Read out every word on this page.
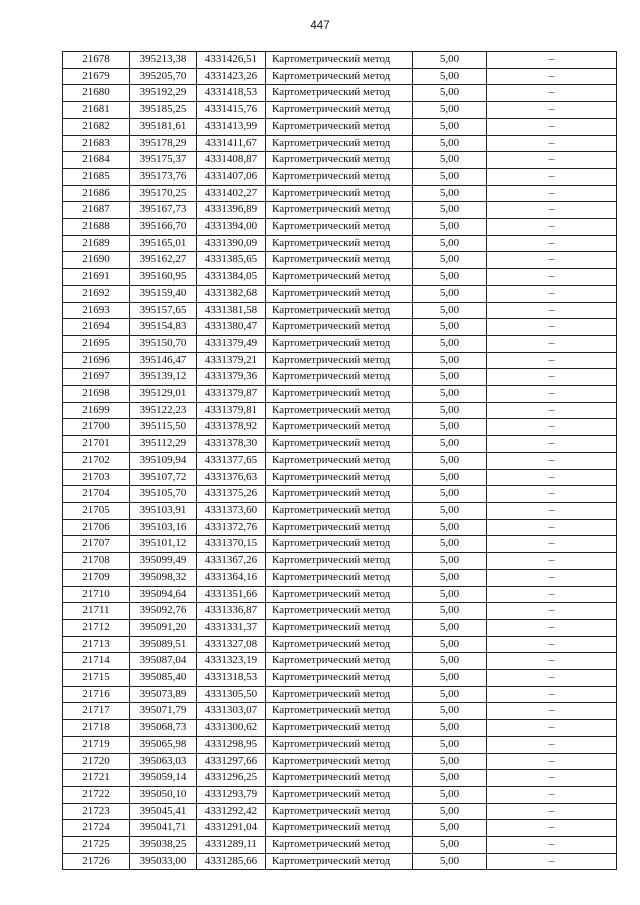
447
21678	395213,38	4331426,51	Картометрический метод	5,00	–
21679	395205,70	4331423,26	Картометрический метод	5,00	–
21680	395192,29	4331418,53	Картометрический метод	5,00	–
21681	395185,25	4331415,76	Картометрический метод	5,00	–
21682	395181,61	4331413,99	Картометрический метод	5,00	–
21683	395178,29	4331411,67	Картометрический метод	5,00	–
21684	395175,37	4331408,87	Картометрический метод	5,00	–
21685	395173,76	4331407,06	Картометрический метод	5,00	–
21686	395170,25	4331402,27	Картометрический метод	5,00	–
21687	395167,73	4331396,89	Картометрический метод	5,00	–
21688	395166,70	4331394,00	Картометрический метод	5,00	–
21689	395165,01	4331390,09	Картометрический метод	5,00	–
21690	395162,27	4331385,65	Картометрический метод	5,00	–
21691	395160,95	4331384,05	Картометрический метод	5,00	–
21692	395159,40	4331382,68	Картометрический метод	5,00	–
21693	395157,65	4331381,58	Картометрический метод	5,00	–
21694	395154,83	4331380,47	Картометрический метод	5,00	–
21695	395150,70	4331379,49	Картометрический метод	5,00	–
21696	395146,47	4331379,21	Картометрический метод	5,00	–
21697	395139,12	4331379,36	Картометрический метод	5,00	–
21698	395129,01	4331379,87	Картометрический метод	5,00	–
21699	395122,23	4331379,81	Картометрический метод	5,00	–
21700	395115,50	4331378,92	Картометрический метод	5,00	–
21701	395112,29	4331378,30	Картометрический метод	5,00	–
21702	395109,94	4331377,65	Картометрический метод	5,00	–
21703	395107,72	4331376,63	Картометрический метод	5,00	–
21704	395105,70	4331375,26	Картометрический метод	5,00	–
21705	395103,91	4331373,60	Картометрический метод	5,00	–
21706	395103,16	4331372,76	Картометрический метод	5,00	–
21707	395101,12	4331370,15	Картометрический метод	5,00	–
21708	395099,49	4331367,26	Картометрический метод	5,00	–
21709	395098,32	4331364,16	Картометрический метод	5,00	–
21710	395094,64	4331351,66	Картометрический метод	5,00	–
21711	395092,76	4331336,87	Картометрический метод	5,00	–
21712	395091,20	4331331,37	Картометрический метод	5,00	–
21713	395089,51	4331327,08	Картометрический метод	5,00	–
21714	395087,04	4331323,19	Картометрический метод	5,00	–
21715	395085,40	4331318,53	Картометрический метод	5,00	–
21716	395073,89	4331305,50	Картометрический метод	5,00	–
21717	395071,79	4331303,07	Картометрический метод	5,00	–
21718	395068,73	4331300,62	Картометрический метод	5,00	–
21719	395065,98	4331298,95	Картометрический метод	5,00	–
21720	395063,03	4331297,66	Картометрический метод	5,00	–
21721	395059,14	4331296,25	Картометрический метод	5,00	–
21722	395050,10	4331293,79	Картометрический метод	5,00	–
21723	395045,41	4331292,42	Картометрический метод	5,00	–
21724	395041,71	4331291,04	Картометрический метод	5,00	–
21725	395038,25	4331289,11	Картометрический метод	5,00	–
21726	395033,00	4331285,66	Картометрический метод	5,00	–
